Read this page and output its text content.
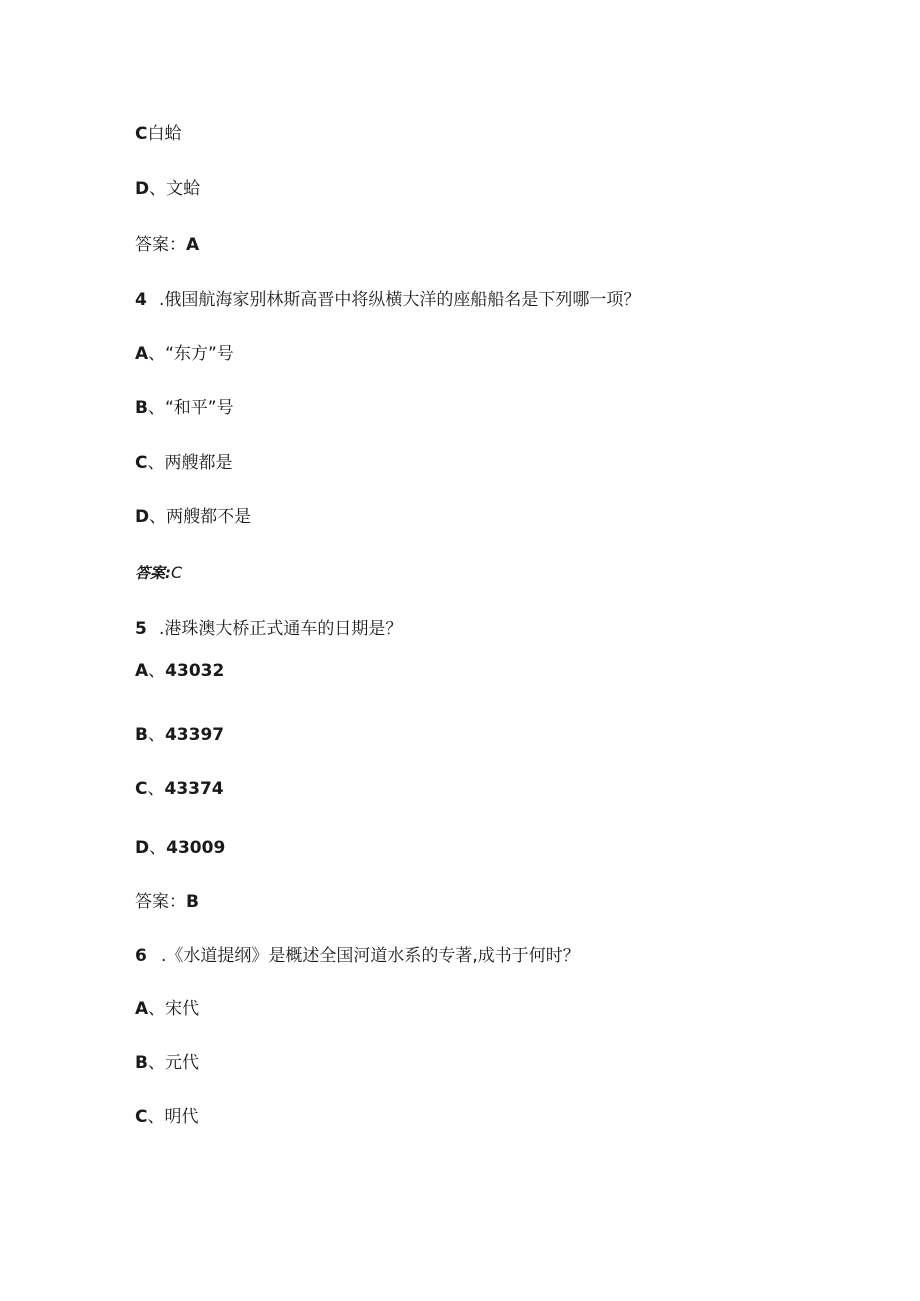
C白蛤
D、文蛤
答案：A
4 .俄国航海家别林斯高晋中将纵横大洋的座船船名是下列哪一项？
A、“东方”号
B、“和平”号
C、两艘都是
D、两艘都不是
答案:C
5 .港珠澳大桥正式通车的日期是？
A、43032
B、43397
C、43374
D、43009
答案：B
6 .《水道提纲》是概述全国河道水系的专著,成书于何时？
A、宋代
B、元代
C、明代
